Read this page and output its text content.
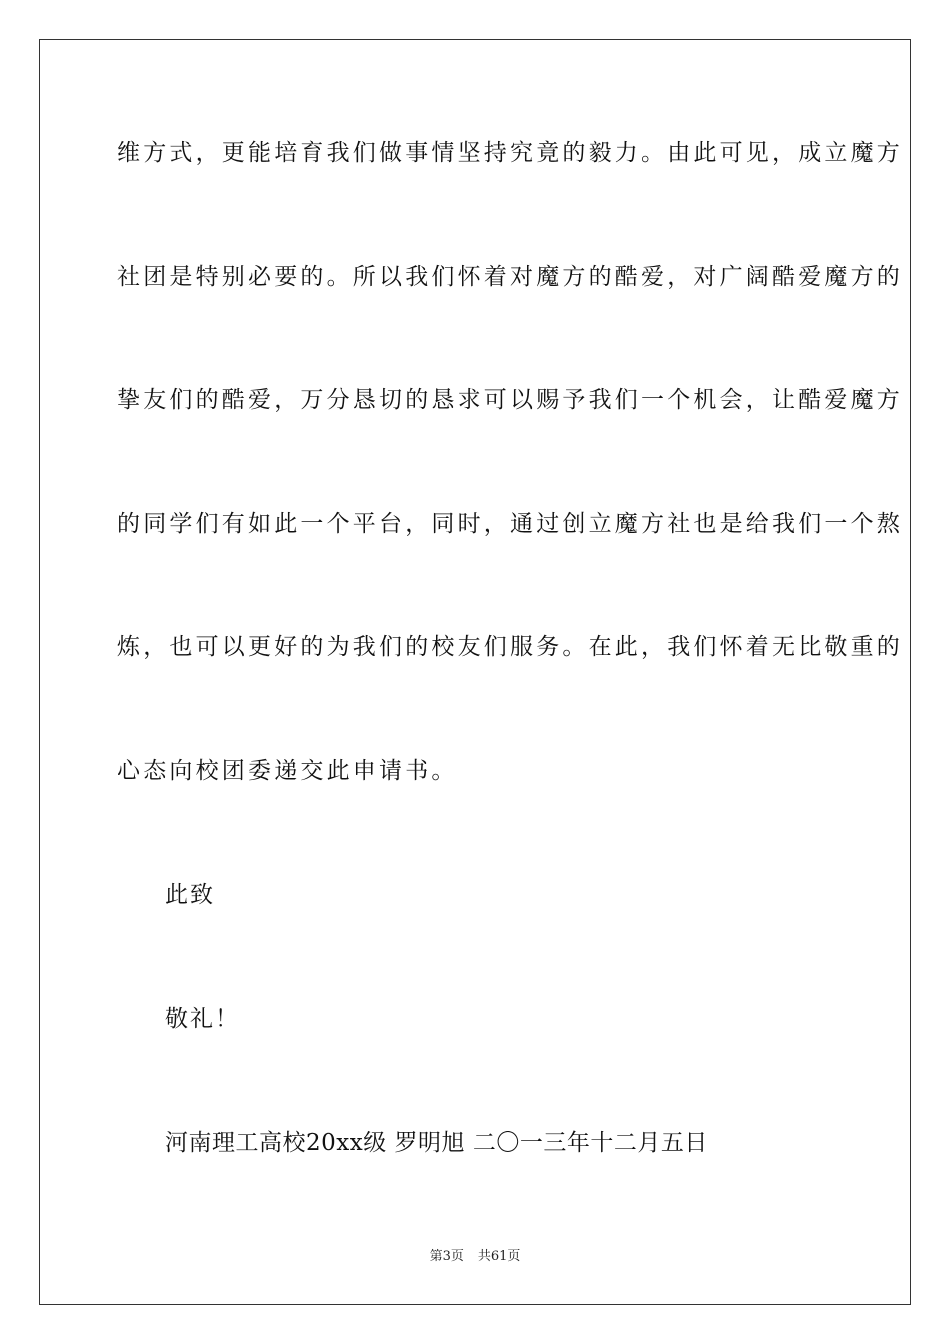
维方式，更能培育我们做事情坚持究竟的毅力。由此可见，成立魔方
社团是特别必要的。所以我们怀着对魔方的酷爱，对广阔酷爱魔方的
挚友们的酷爱，万分恳切的恳求可以赐予我们一个机会，让酷爱魔方
的同学们有如此一个平台，同时，通过创立魔方社也是给我们一个熬
炼，也可以更好的为我们的校友们服务。在此，我们怀着无比敬重的
心态向校团委递交此申请书。
此致
敬礼！
河南理工高校20xx级 罗明旭 二〇一三年十二月五日
第3页 共61页
